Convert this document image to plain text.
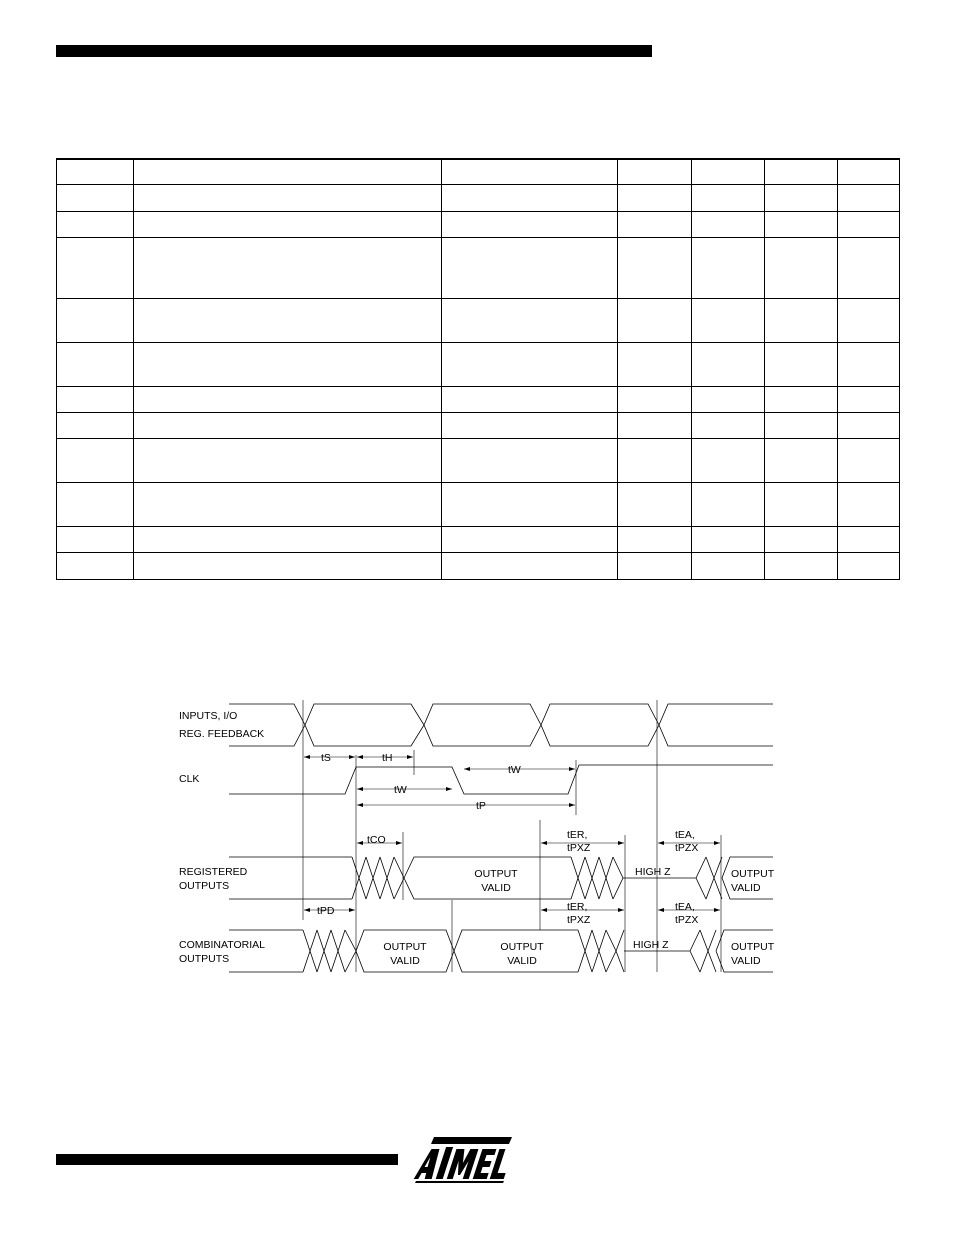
INPUTS, I/O
REG. FEEDBACK
CLK
REGISTERED
OUTPUTS
COMBINATORIAL
OUTPUTS
tS	tH
tW
tW
tP
tCO
tPD
tER,
tPXZ
tEA,
tPZX
tER,
tPXZ
tEA,
tPZX
OUTPUT
VALID
HIGH Z	OUTPUT
VALID
OUTPUT
VALID
OUTPUT
VALID
HIGH Z	OUTPUT
VALID
